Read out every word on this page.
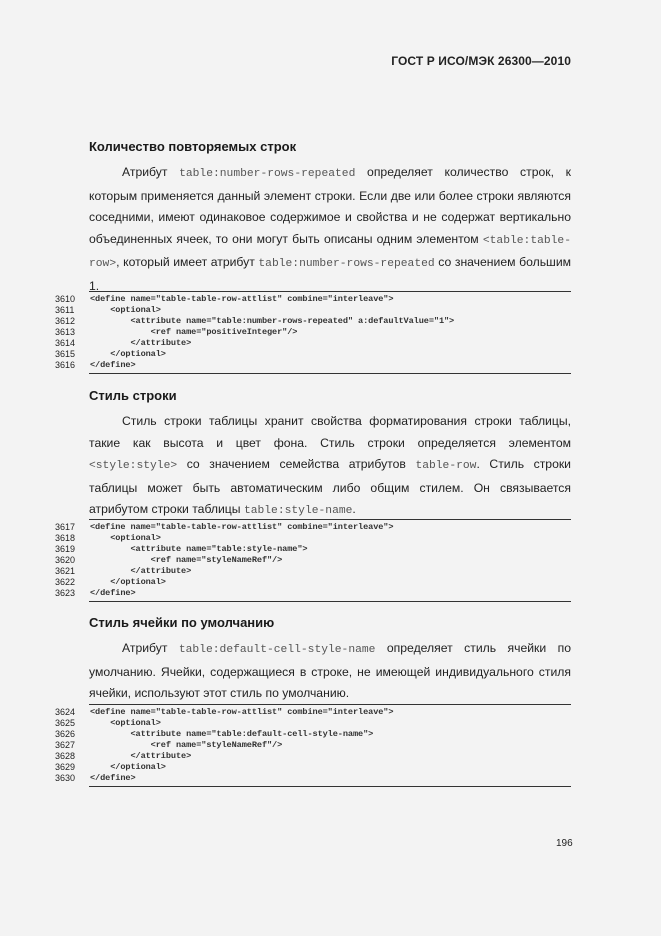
ГОСТ Р ИСО/МЭК 26300—2010
Количество повторяемых строк

Атрибут table:number-rows-repeated определяет количество строк, к которым применяется данный элемент строки. Если две или более строки являются соседними, имеют одинаковое содержимое и свойства и не содержат вертикально объединенных ячеек, то они могут быть описаны одним элементом <table:table-row>, который имеет атрибут table:number-rows-repeated со значением большим 1.

3610	<define name="table-table-row-attlist" combine="interleave">
3611	<optional>
3612	<attribute name="table:number-rows-repeated" a:defaultValue="1">
3613	<ref name="positiveInteger"/>
3614	</attribute>
3615	</optional>
3616	</define>
Стиль строки

Стиль строки таблицы хранит свойства форматирования строки таблицы, такие как высота и цвет фона. Стиль строки определяется элементом <style:style> со значением семейства атрибутов table-row. Стиль строки таблицы может быть автоматическим либо общим стилем. Он связывается атрибутом строки таблицы table:style-name.

3617	<define name="table-table-row-attlist" combine="interleave">
3618	<optional>
3619	<attribute name="table:style-name">
3620	<ref name="styleNameRef"/>
3621	</attribute>
3622	</optional>
3623	</define>
Стиль ячейки по умолчанию

Атрибут table:default-cell-style-name определяет стиль ячейки по умолчанию. Ячейки, содержащиеся в строке, не имеющей индивидуального стиля ячейки, используют этот стиль по умолчанию.

3624	<define name="table-table-row-attlist" combine="interleave">
3625	<optional>
3626	<attribute name="table:default-cell-style-name">
3627	<ref name="styleNameRef"/>
3628	</attribute>
3629	</optional>
3630	</define>
196
